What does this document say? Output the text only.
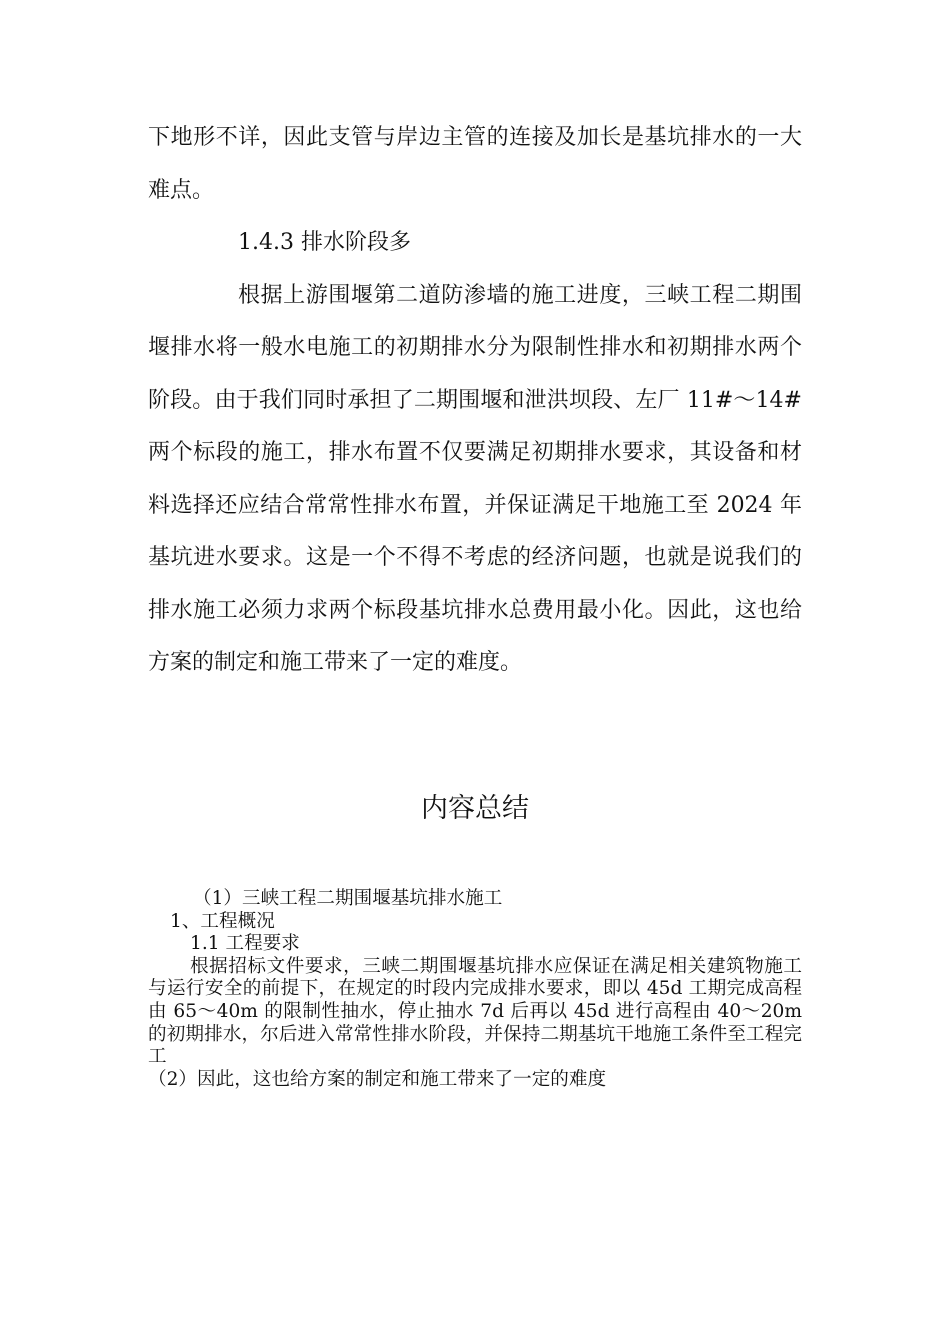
下地形不详，因此支管与岸边主管的连接及加长是基坑排水的一大难点。

1.4.3 排水阶段多

根据上游围堰第二道防渗墙的施工进度，三峡工程二期围堰排水将一般水电施工的初期排水分为限制性排水和初期排水两个阶段。由于我们同时承担了二期围堰和泄洪坝段、左厂 11#～14#两个标段的施工，排水布置不仅要满足初期排水要求，其设备和材料选择还应结合常常性排水布置，并保证满足干地施工至 2024 年基坑进水要求。这是一个不得不考虑的经济问题，也就是说我们的排水施工必须力求两个标段基坑排水总费用最小化。因此，这也给方案的制定和施工带来了一定的难度。

内容总结

（1）三峡工程二期围堰基坑排水施工

1、工程概况

1.1 工程要求

根据招标文件要求，三峡二期围堰基坑排水应保证在满足相关建筑物施工与运行安全的前提下，在规定的时段内完成排水要求，即以 45d 工期完成高程由 65～40m 的限制性抽水，停止抽水 7d 后再以 45d 进行高程由 40～20m 的初期排水，尔后进入常常性排水阶段，并保持二期基坑干地施工条件至工程完工

（2）因此，这也给方案的制定和施工带来了一定的难度
